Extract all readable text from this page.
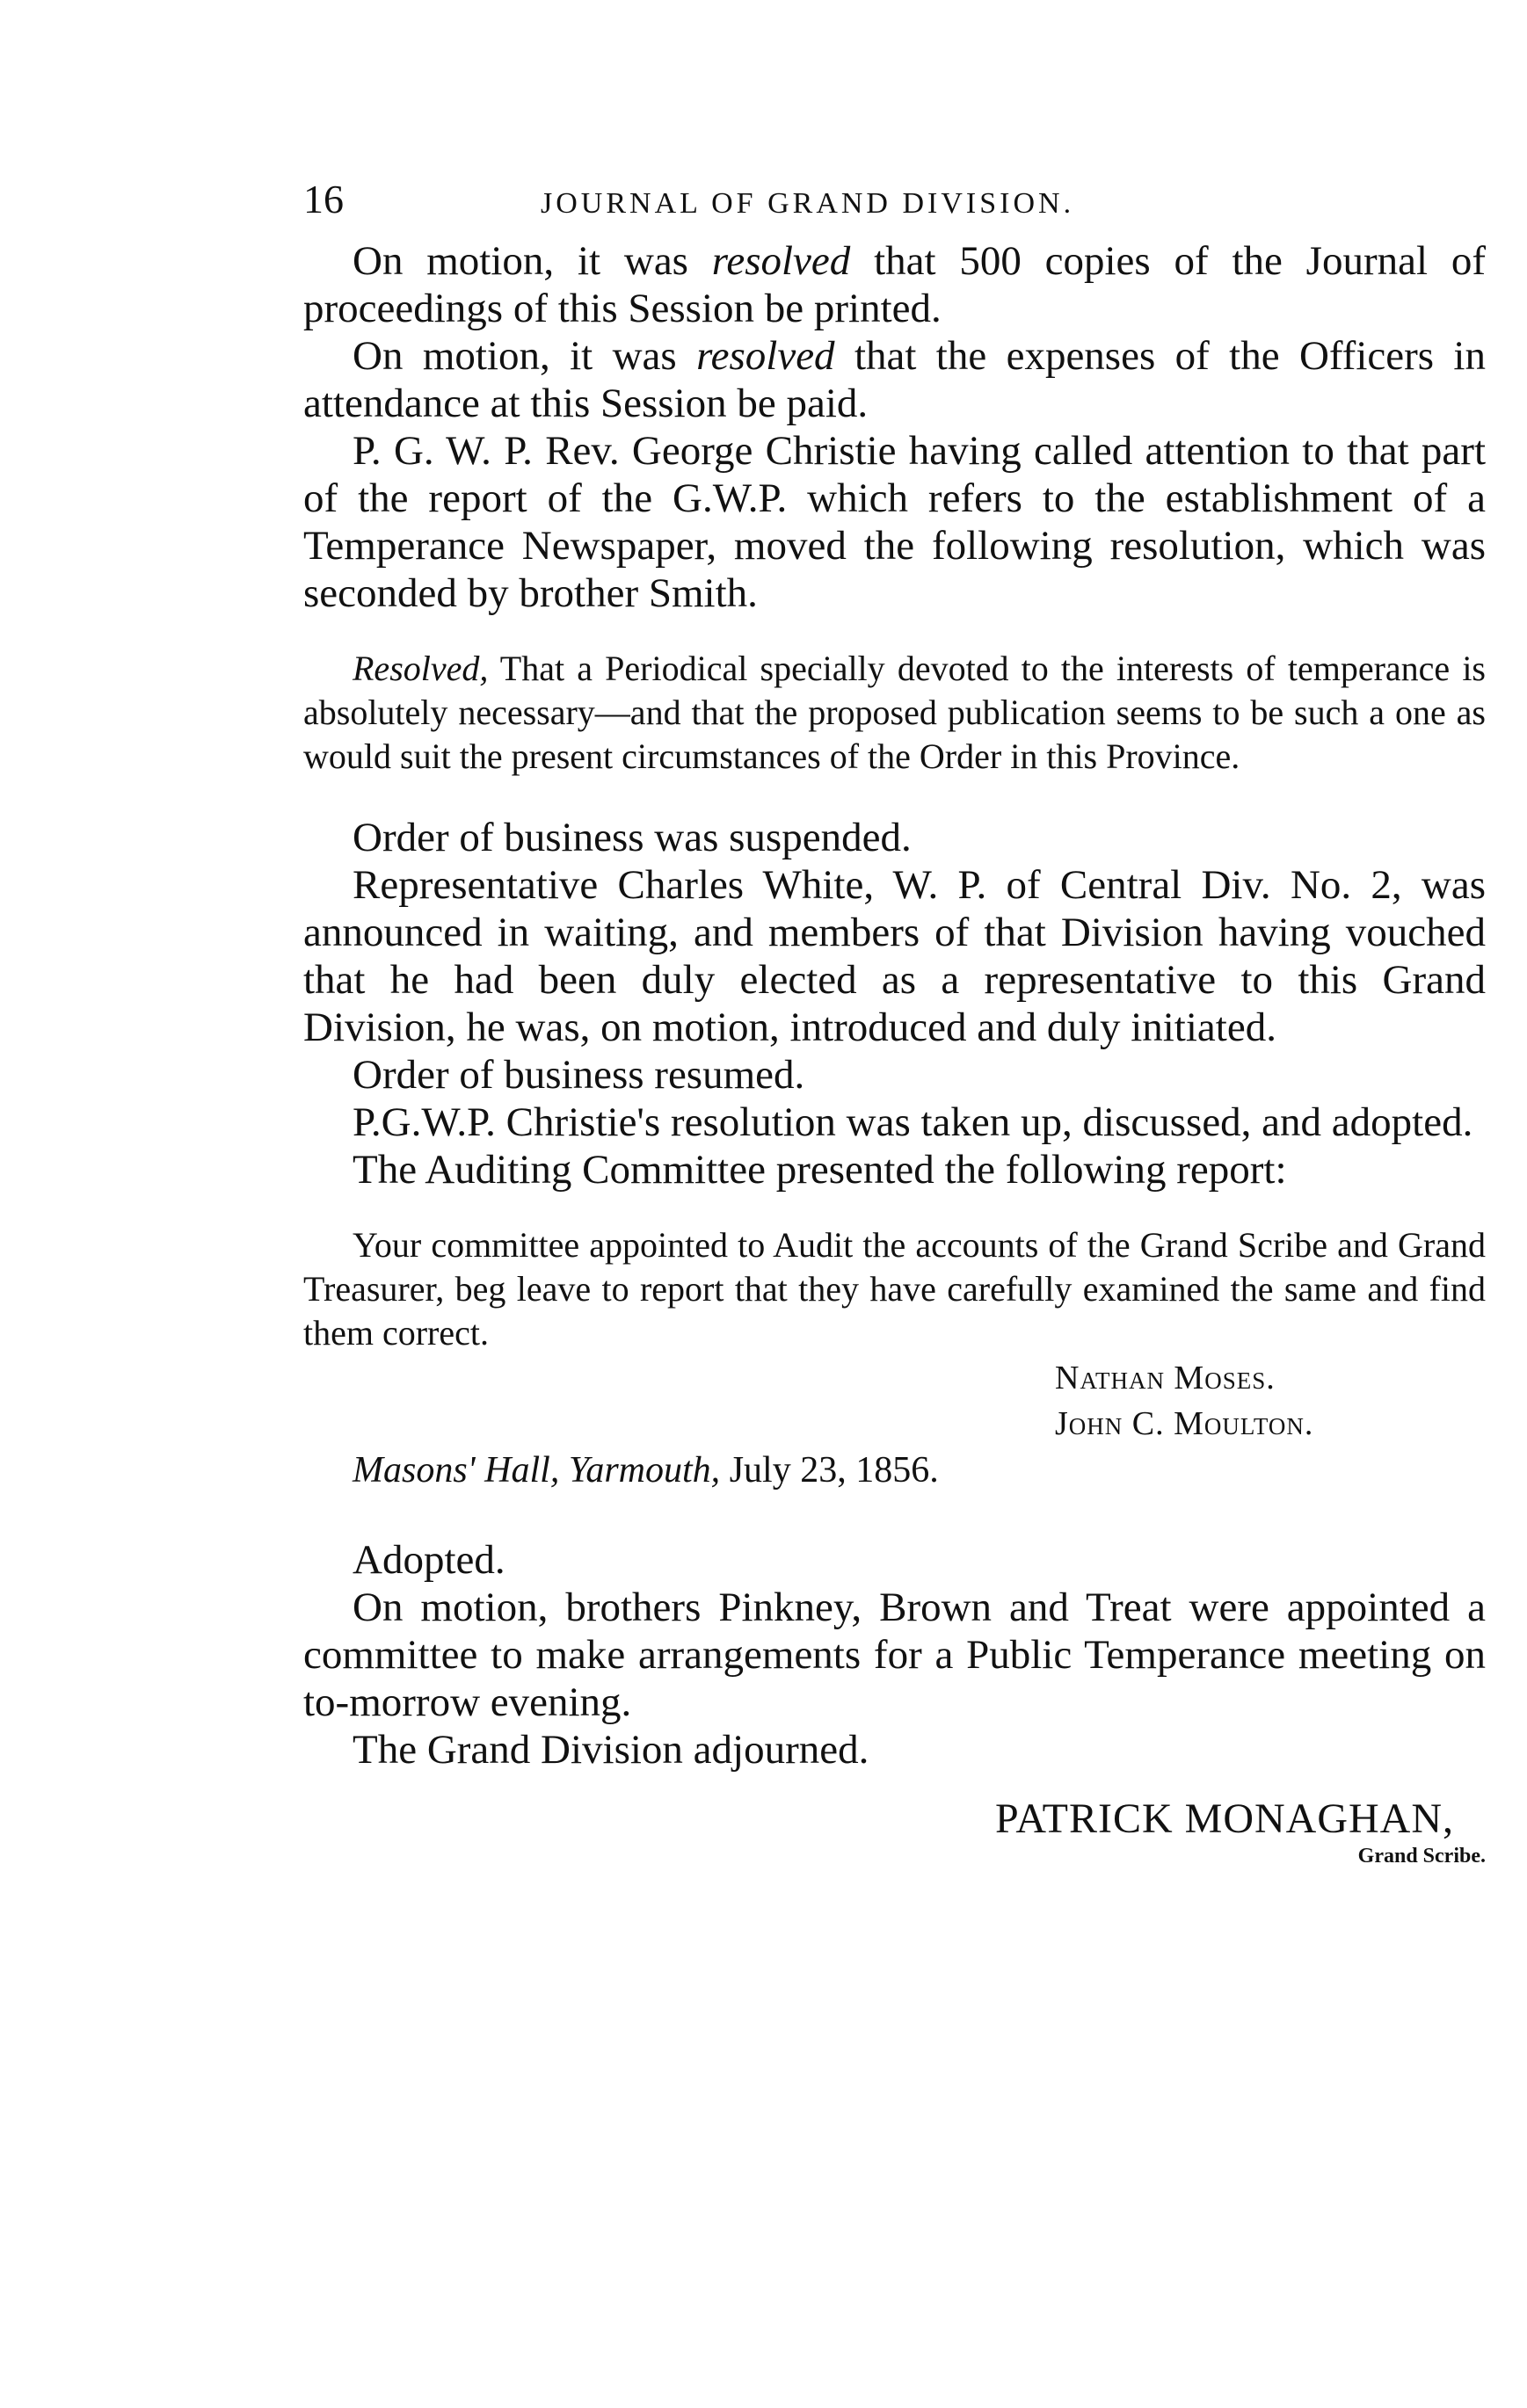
16	JOURNAL OF GRAND DIVISION.

On motion, it was resolved that 500 copies of the Journal of proceedings of this Session be printed.

On motion, it was resolved that the expenses of the Officers in attendance at this Session be paid.

P. G. W. P. Rev. George Christie having called attention to that part of the report of the G.W.P. which refers to the establishment of a Temperance Newspaper, moved the following resolution, which was seconded by brother Smith.

Resolved, That a Periodical specially devoted to the interests of temperance is absolutely necessary—and that the proposed publication seems to be such a one as would suit the present circumstances of the Order in this Province.

Order of business was suspended.

Representative Charles White, W. P. of Central Div. No. 2, was announced in waiting, and members of that Division having vouched that he had been duly elected as a representative to this Grand Division, he was, on motion, introduced and duly initiated.

Order of business resumed.

P.G.W.P. Christie's resolution was taken up, discussed, and adopted.

The Auditing Committee presented the following report:

Your committee appointed to Audit the accounts of the Grand Scribe and Grand Treasurer, beg leave to report that they have carefully examined the same and find them correct.

Nathan Moses.
John C. Moulton.
Masons' Hall, Yarmouth, July 23, 1856.

Adopted.

On motion, brothers Pinkney, Brown and Treat were appointed a committee to make arrangements for a Public Temperance meeting on to-morrow evening.

The Grand Division adjourned.

PATRICK MONAGHAN,
Grand Scribe.
